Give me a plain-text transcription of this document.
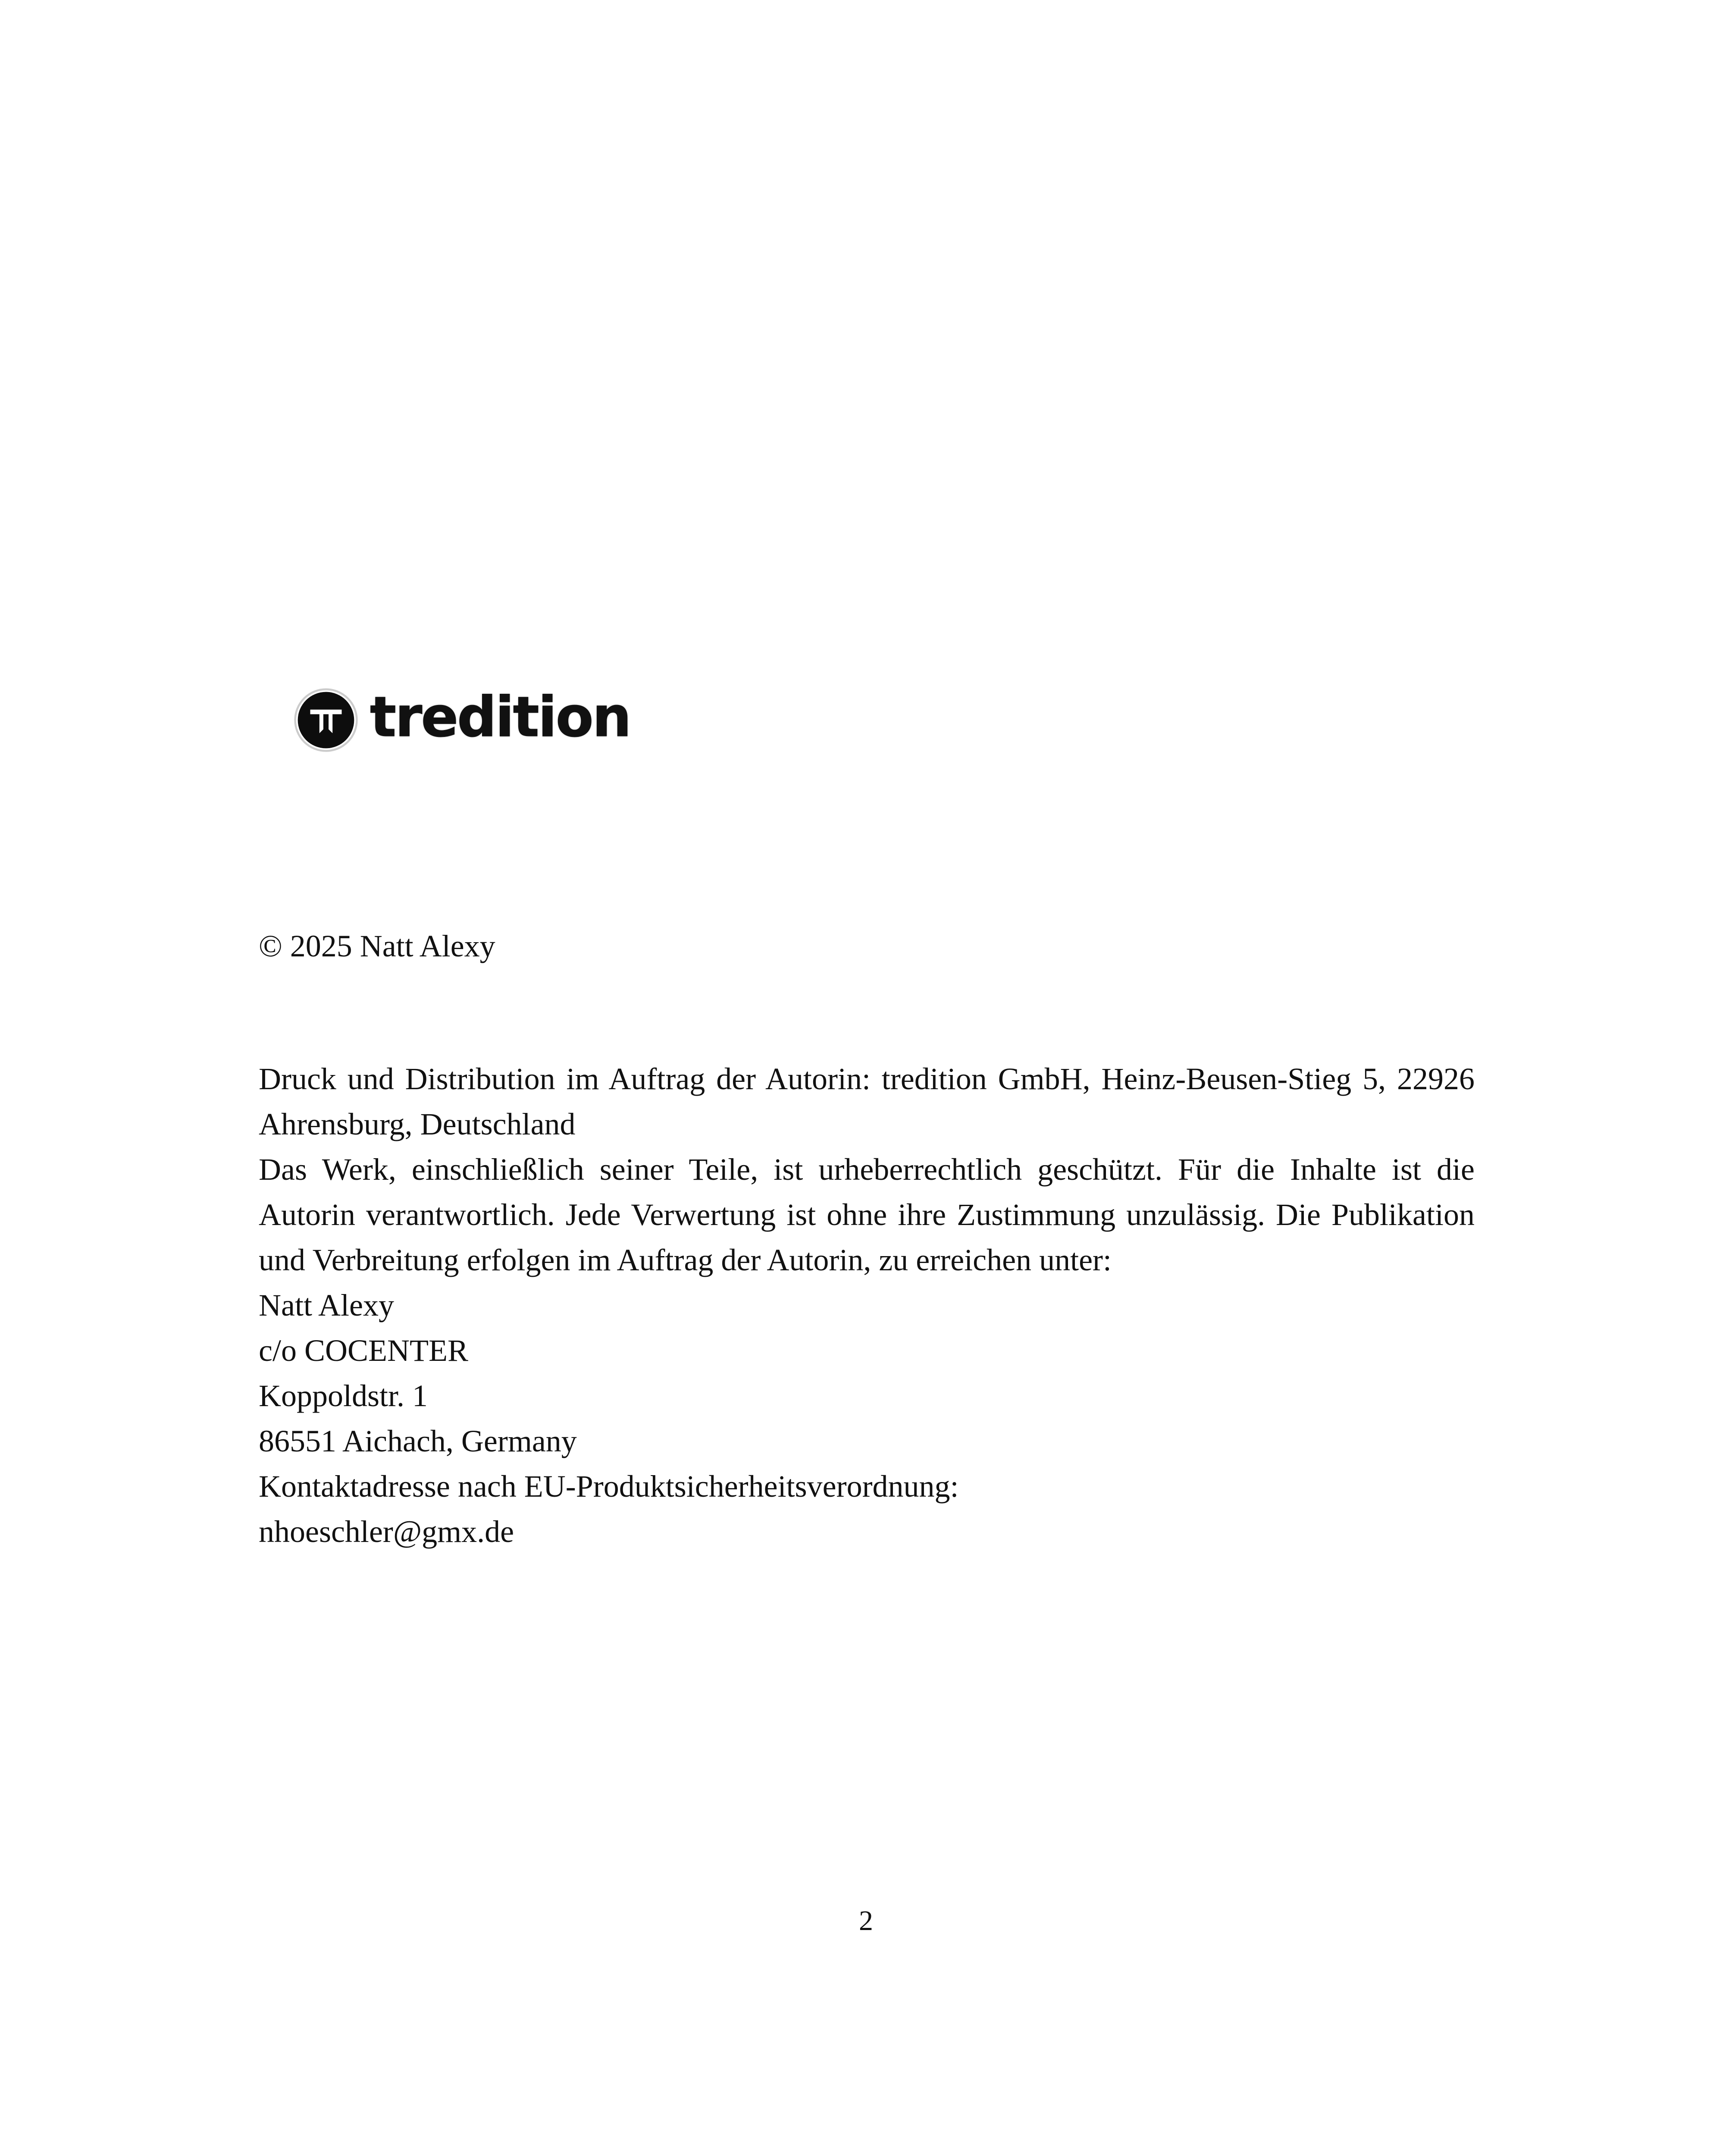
tredition

© 2025 Natt Alexy

Druck und Distribution im Auftrag der Autorin: tredition GmbH, Heinz-Beusen-Stieg 5, 22926 Ahrensburg, Deutschland

Das Werk, einschließlich seiner Teile, ist urheberrechtlich geschützt. Für die Inhalte ist die Autorin verantwortlich. Jede Verwertung ist ohne ihre Zustimmung unzulässig. Die Publikation und Verbreitung erfolgen im Auftrag der Autorin, zu erreichen unter:

Natt Alexy
c/o COCENTER
Koppoldstr. 1
86551 Aichach, Germany
Kontaktadresse nach EU-Produktsicherheitsverordnung:
nhoeschler@gmx.de

2
